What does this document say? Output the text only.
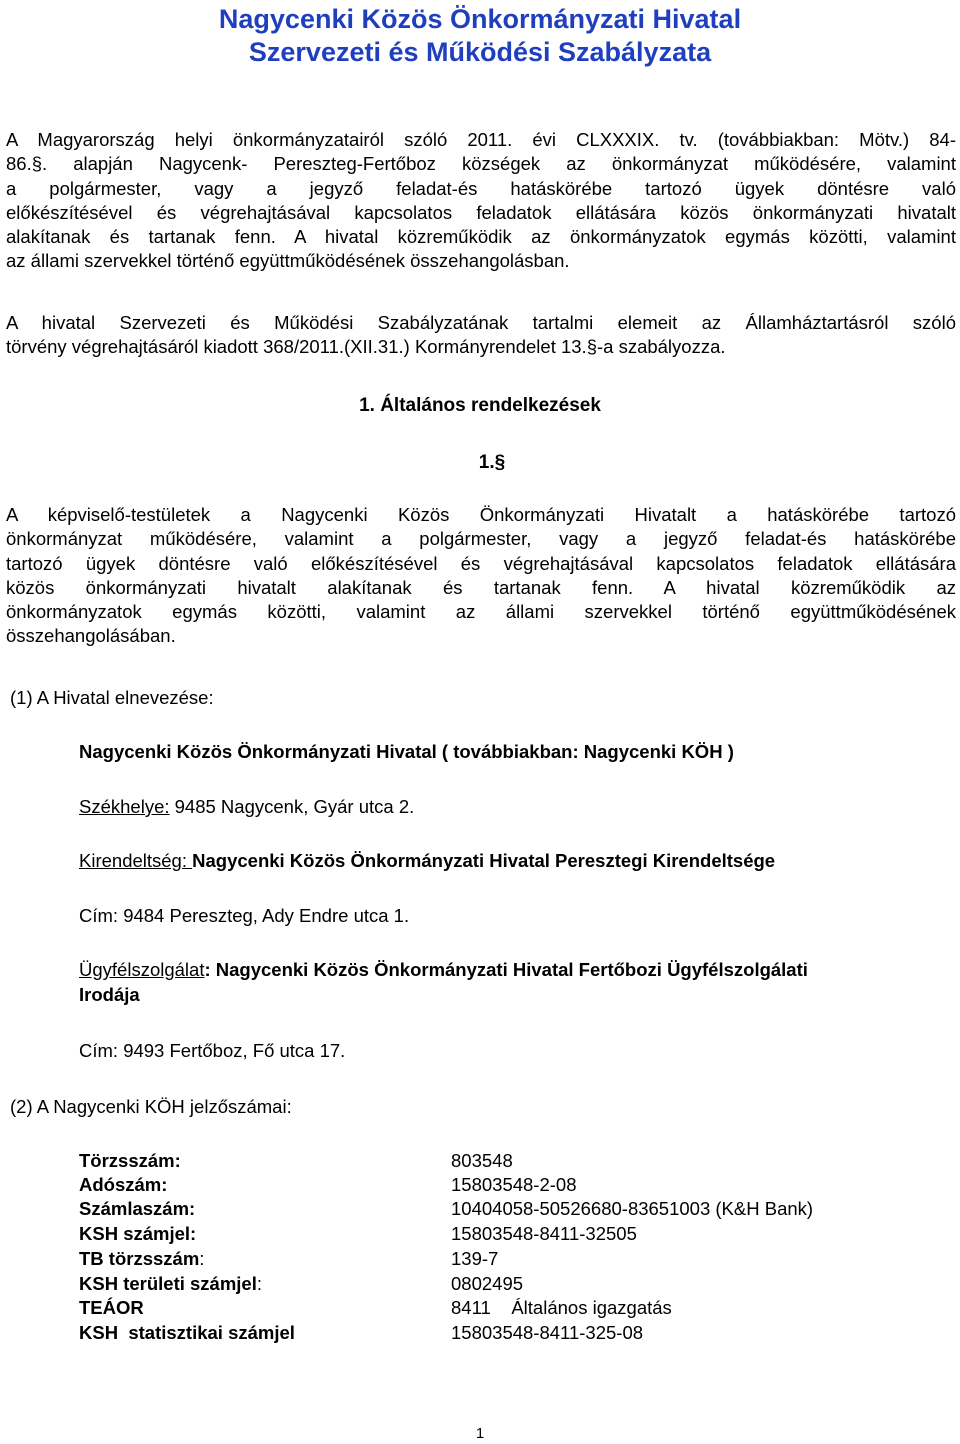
Nagycenki Közös Önkormányzati Hivatal
Szervezeti és Működési Szabályzata
A Magyarország helyi önkormányzatairól szóló 2011. évi CLXXXIX. tv. (továbbiakban: Mötv.) 84-
86.§. alapján Nagycenk- Pereszteg-Fertőboz községek az önkormányzat működésére, valamint
a polgármester, vagy a jegyző feladat-és hatáskörébe tartozó ügyek döntésre való
előkészítésével és végrehajtásával kapcsolatos feladatok ellátására közös önkormányzati hivatalt
alakítanak és tartanak fenn. A hivatal közreműködik az önkormányzatok egymás közötti, valamint
az állami szervekkel történő együttműködésének összehangolásban.
A hivatal Szervezeti és Működési Szabályzatának tartalmi elemeit az Államháztartásról szóló
törvény végrehajtásáról kiadott 368/2011.(XII.31.) Kormányrendelet 13.§-a szabályozza.
1. Általános rendelkezések
1.§
A képviselő-testületek a Nagycenki Közös Önkormányzati Hivatalt a hatáskörébe tartozó
önkormányzat működésére, valamint a polgármester, vagy a jegyző feladat-és hatáskörébe
tartozó ügyek döntésre való előkészítésével és végrehajtásával kapcsolatos feladatok ellátására
közös önkormányzati hivatalt alakítanak és tartanak fenn. A hivatal közreműködik az
önkormányzatok egymás közötti, valamint az állami szervekkel történő együttműködésének
összehangolásában.
(1) A Hivatal elnevezése:
Nagycenki Közös Önkormányzati Hivatal ( továbbiakban: Nagycenki KÖH )
Székhelye: 9485 Nagycenk, Gyár utca 2.
Kirendeltség: Nagycenki Közös Önkormányzati Hivatal Peresztegi Kirendeltsége
Cím: 9484 Pereszteg, Ady Endre utca 1.
Ügyfélszolgálat: Nagycenki Közös Önkormányzati Hivatal Fertőbozi Ügyfélszolgálati
Irodája
Cím: 9493 Fertőboz, Fő utca 17.
(2) A Nagycenki KÖH jelzőszámai:
Törzsszám:	803548
Adószám:	15803548-2-08
Számlaszám:	10404058-50526680-83651003 (K&H Bank)
KSH számjel:	15803548-8411-32505
TB törzsszám:	139-7
KSH területi számjel:	0802495
TEÁOR	8411    Általános igazgatás
KSH  statisztikai számjel	15803548-8411-325-08
1
